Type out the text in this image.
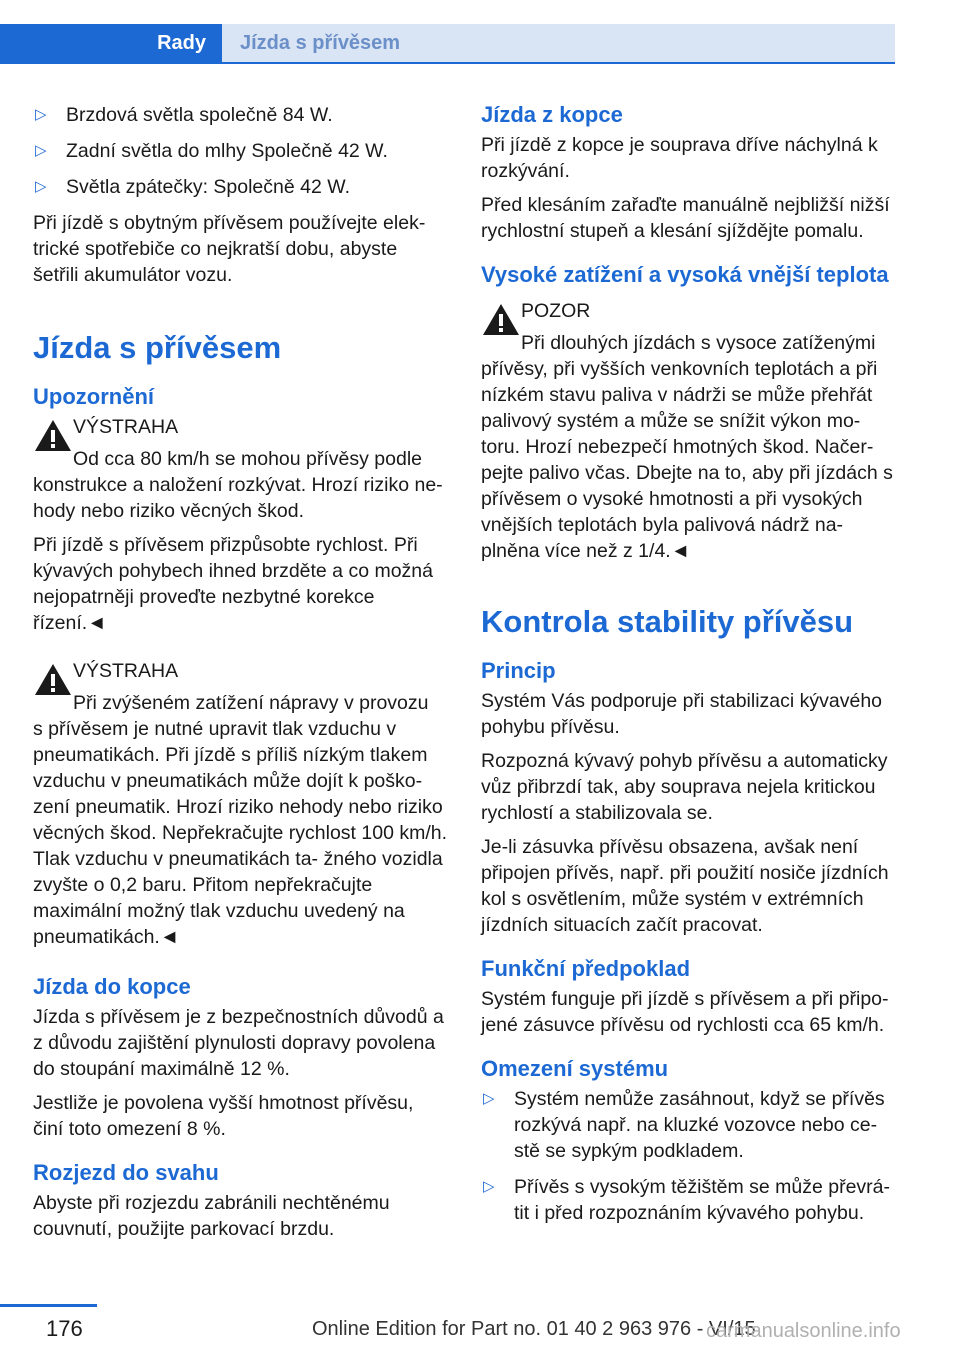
Rady	Jízda s přívěsem
▷ Brzdová světla společně 84 W.
▷ Zadní světla do mlhy Společně 42 W.
▷ Světla zpátečky: Společně 42 W.

Při jízdě s obytným přívěsem používejte elek‐ trické spotřebiče co nejkratší dobu, abyste šetřili akumulátor vozu.

Jízda s přívěsem
Upozornění
VÝSTRAHA
Od cca 80 km/h se mohou přívěsy podle
konstrukce a naložení rozkývat. Hrozí riziko ne‐ hody nebo riziko věcných škod.

Při jízdě s přívěsem přizpůsobte rychlost. Při kývavých pohybech ihned brzděte a co možná nejopatrněji proveďte nezbytné korekce řízení.◄

VÝSTRAHA
Při zvýšeném zatížení nápravy v provozu
s přívěsem je nutné upravit tlak vzduchu v pneumatikách. Při jízdě s příliš nízkým tlakem vzduchu v pneumatikách může dojít k poško‐ zení pneumatik. Hrozí riziko nehody nebo riziko věcných škod. Nepřekračujte rychlost 100 km/h. Tlak vzduchu v pneumatikách ta‐ žného vozidla zvyšte o 0,2 baru. Přitom nepřekračujte maximální možný tlak vzduchu uvedený na pneumatikách.◄
Jízda do kopce

Jízda s přívěsem je z bezpečnostních důvodů a z důvodu zajištění plynulosti dopravy povolena do stoupání maximálně 12 %.

Jestliže je povolena vyšší hmotnost přívěsu, činí toto omezení 8 %.

Rozjezd do svahu

Abyste při rozjezdu zabránili nechtěnému couvnutí, použijte parkovací brzdu.

Jízda z kopce

Při jízdě z kopce je souprava dříve náchylná k rozkývání.

Před klesáním zařaďte manuálně nejbližší nižší rychlostní stupeň a klesání sjíždějte pomalu.

Vysoké zatížení a vysoká vnější teplota
POZOR
Při dlouhých jízdách s vysoce zatíženými
přívěsy, při vyšších venkovních teplotách a při nízkém stavu paliva v nádrži se může přehřát palivový systém a může se snížit výkon mo‐ toru. Hrozí nebezpečí hmotných škod. Načer‐ pejte palivo včas. Dbejte na to, aby při jízdách s přívěsem o vysoké hmotnosti a při vysokých vnějších teplotách byla palivová nádrž na‐ plněna více než z 1/4.◄
Kontrola stability přívěsu
Princip

Systém Vás podporuje při stabilizaci kývavého pohybu přívěsu.

Rozpozná kývavý pohyb přívěsu a automaticky vůz přibrzdí tak, aby souprava nejela kritickou rychlostí a stabilizovala se.

Je-li zásuvka přívěsu obsazena, avšak není připojen přívěs, např. při použití nosiče jízdních kol s osvětlením, může systém v extrémních jízdních situacích začít pracovat.

Funkční předpoklad

Systém funguje při jízdě s přívěsem a při připo‐ jené zásuvce přívěsu od rychlosti cca 65 km/h.

Omezení systému
▷ Systém nemůže zasáhnout, když se přívěs rozkývá např. na kluzké vozovce nebo ce‐ stě se sypkým podkladem.
▷ Přívěs s vysokým těžištěm se může převrá‐ tit i před rozpoznáním kývavého pohybu.
176	Online Edition for Part no. 01 40 2 963 976 - VI/15
carmanualsonline.info
